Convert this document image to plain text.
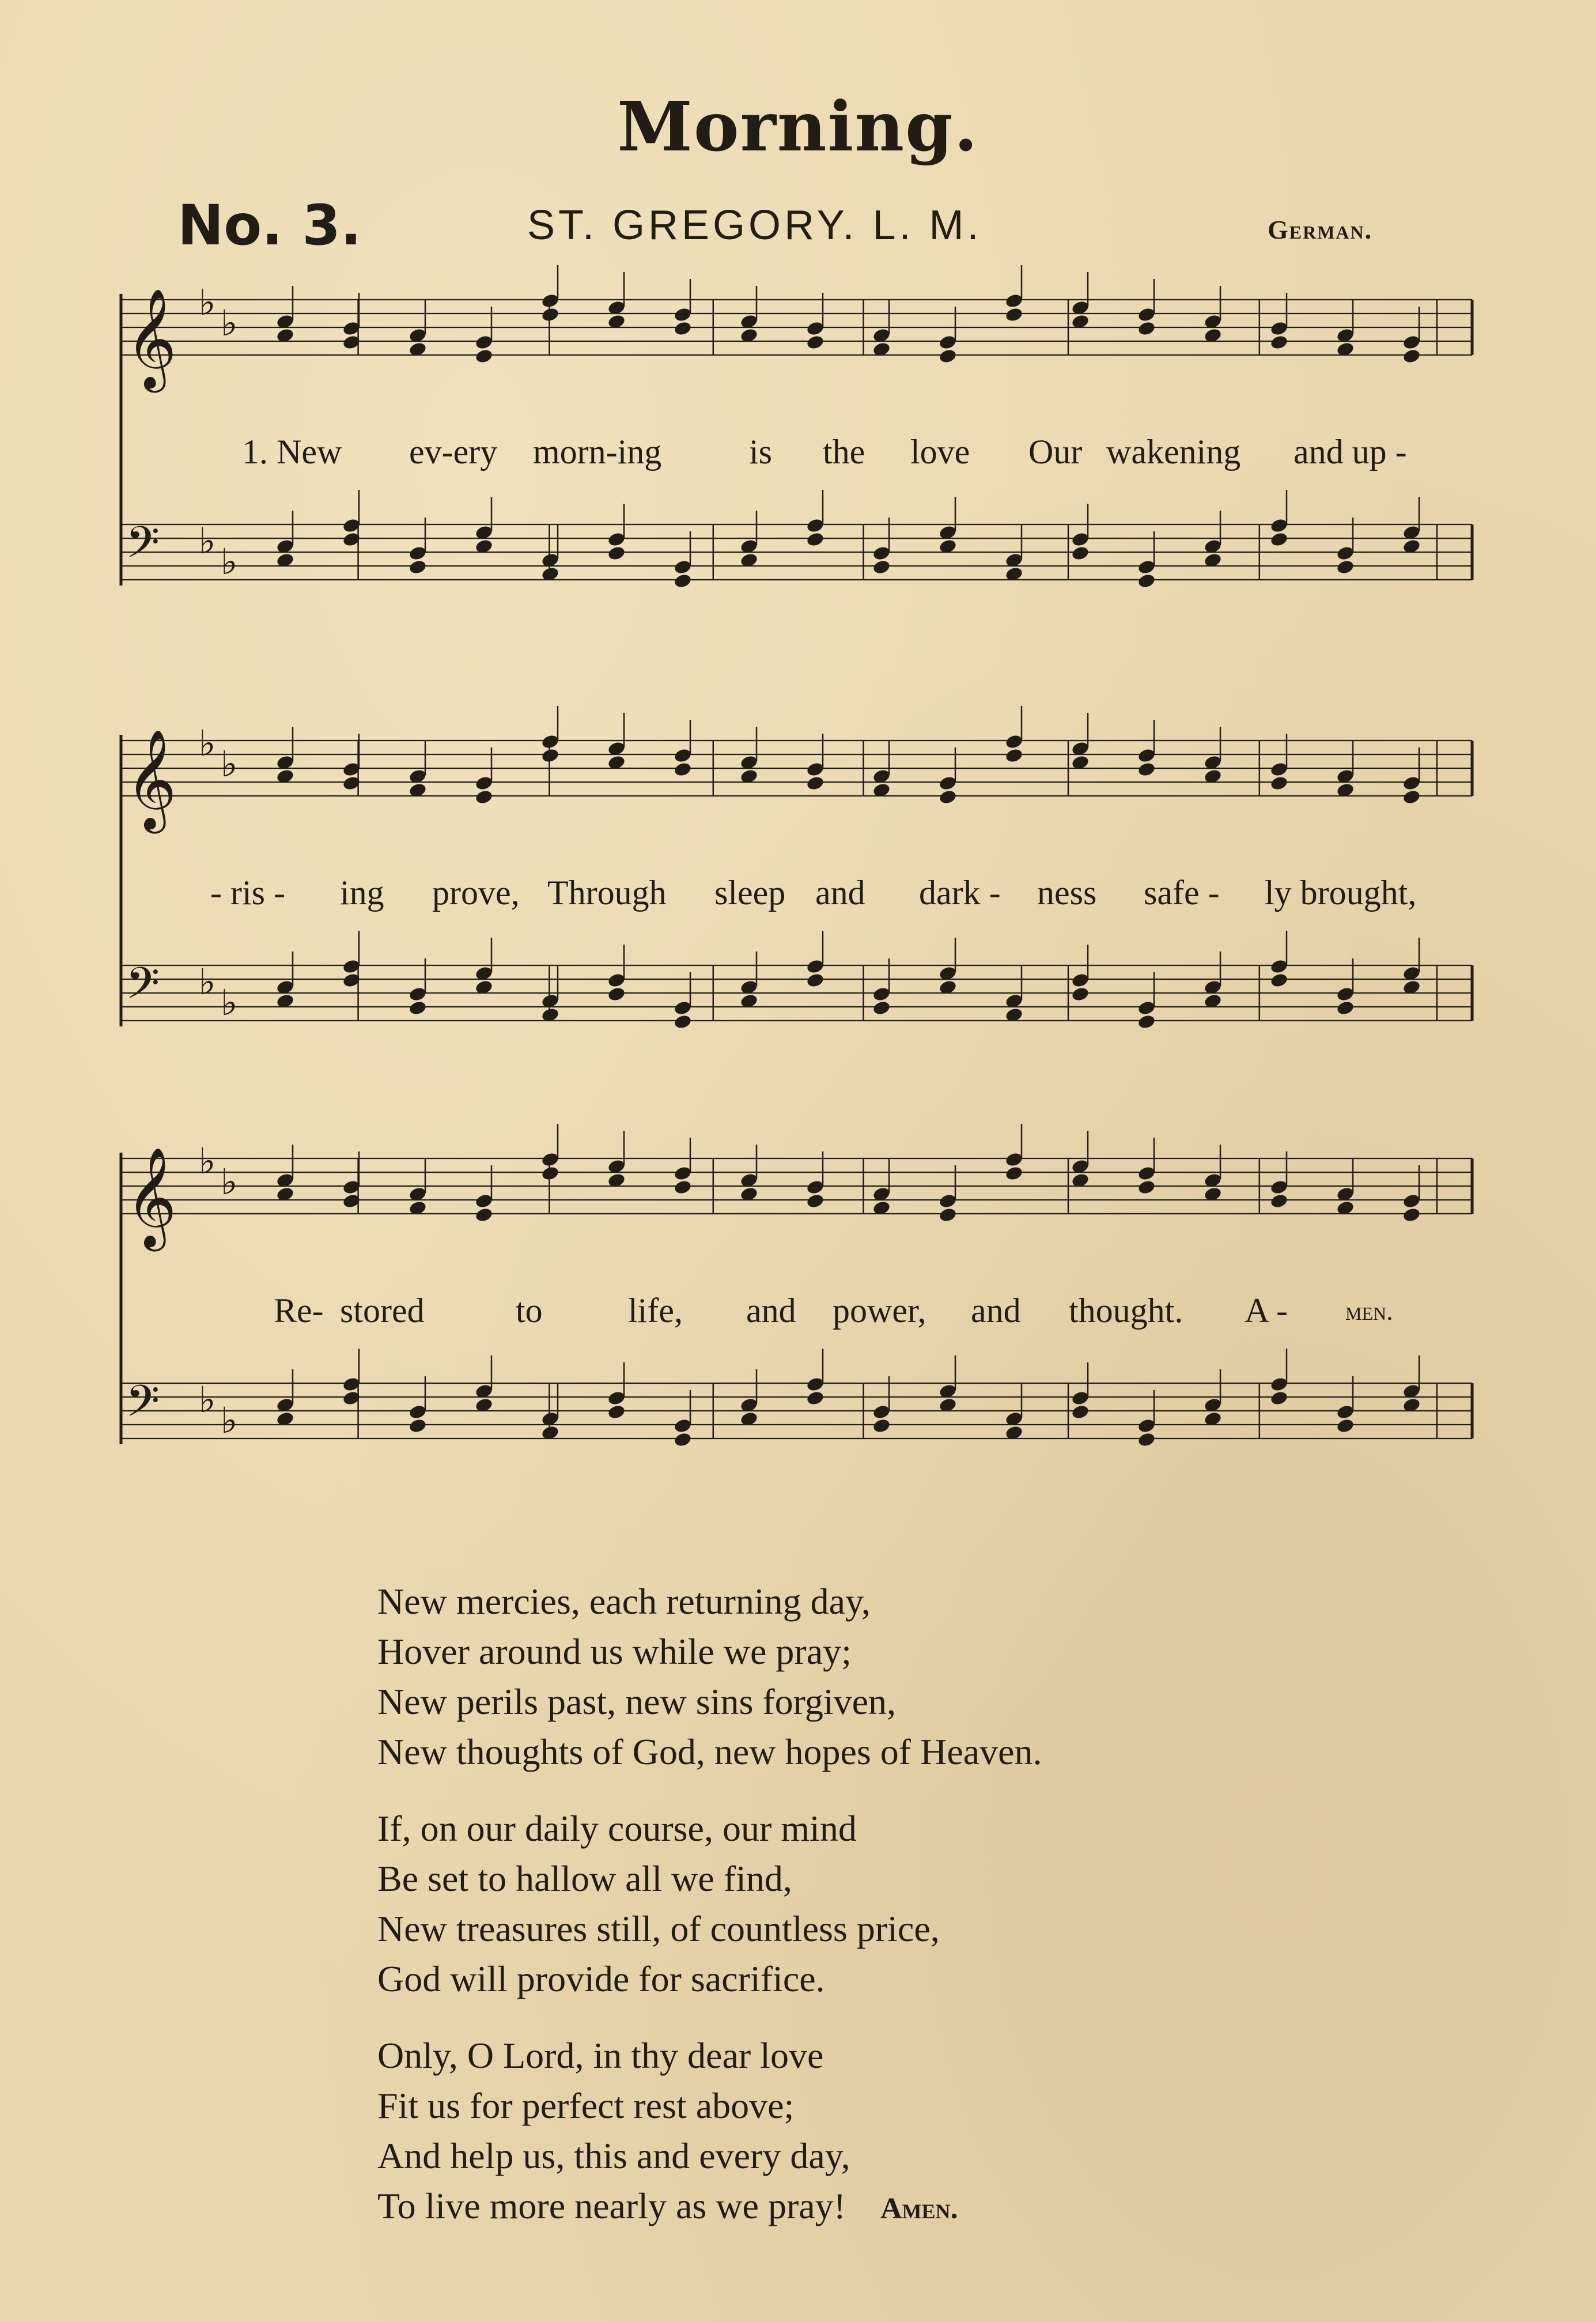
Morning.
No. 3.	ST. GREGORY. L. M.	German.
𝄞 ♭ ♭
𝄢 ♭ ♭
1. New ev-ery morn-ing	is the love Our wakening and up -
𝄞 ♭ ♭
𝄢 ♭ ♭
- ris - ing prove, Through sleep and dark - ness safe - ly brought,
𝄞 ♭ ♭
𝄢 ♭ ♭
Re- stored	to life, and power, and thought. A - men.
New mercies, each returning day,
Hover around us while we pray;
New perils past, new sins forgiven,
New thoughts of God, new hopes of Heaven.
If, on our daily course, our mind
Be set to hallow all we find,
New treasures still, of countless price,
God will provide for sacrifice.
Only, O Lord, in thy dear love
Fit us for perfect rest above;
And help us, this and every day,
To live more nearly as we pray! Amen.
